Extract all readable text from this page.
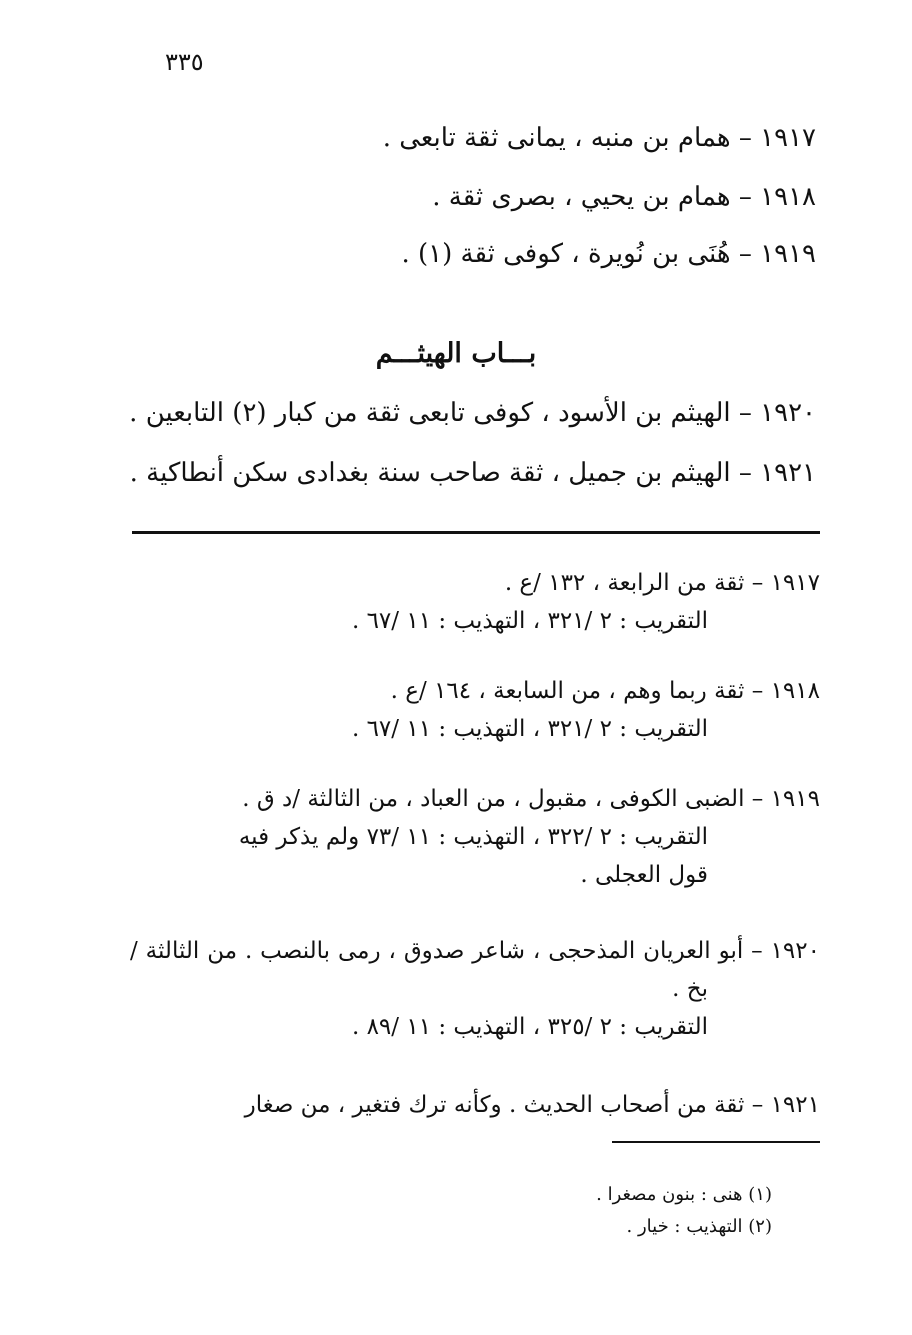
٣٣٥
١٩١٧ – همام بن منبه ، يمانى ثقة تابعى .
١٩١٨ – همام بن يحيي ، بصرى ثقة .
١٩١٩ – هُنَى بن نُويرة ، كوفى ثقة (١) .
بـــاب الهيثـــم
١٩٢٠ – الهيثم بن الأسود ، كوفى تابعى ثقة من كبار (٢) التابعين .
١٩٢١ – الهيثم بن جميل ، ثقة صاحب سنة بغدادى سكن أنطاكية .
١٩١٧ – ثقة من الرابعة ، ١٣٢ /ع .
التقريب : ٢ /٣٢١ ، التهذيب : ١١ /٦٧ .
١٩١٨ – ثقة ربما وهم ، من السابعة ، ١٦٤ /ع .
التقريب : ٢ /٣٢١ ، التهذيب : ١١ /٦٧ .
١٩١٩ – الضبى الكوفى ، مقبول ، من العباد ، من الثالثة /د ق .
التقريب : ٢ /٣٢٢ ، التهذيب : ١١ /٧٣ ولم يذكر فيه
قول العجلى .
١٩٢٠ – أبو العريان المذحجى ، شاعر صدوق ، رمى بالنصب . من الثالثة /بخ .
التقريب : ٢ /٣٢٥ ، التهذيب : ١١ /٨٩ .
١٩٢١ – ثقة من أصحاب الحديث . وكأنه ترك فتغير ، من صغار
(١) هنى : بنون مصغرا .
(٢) التهذيب : خيار .
